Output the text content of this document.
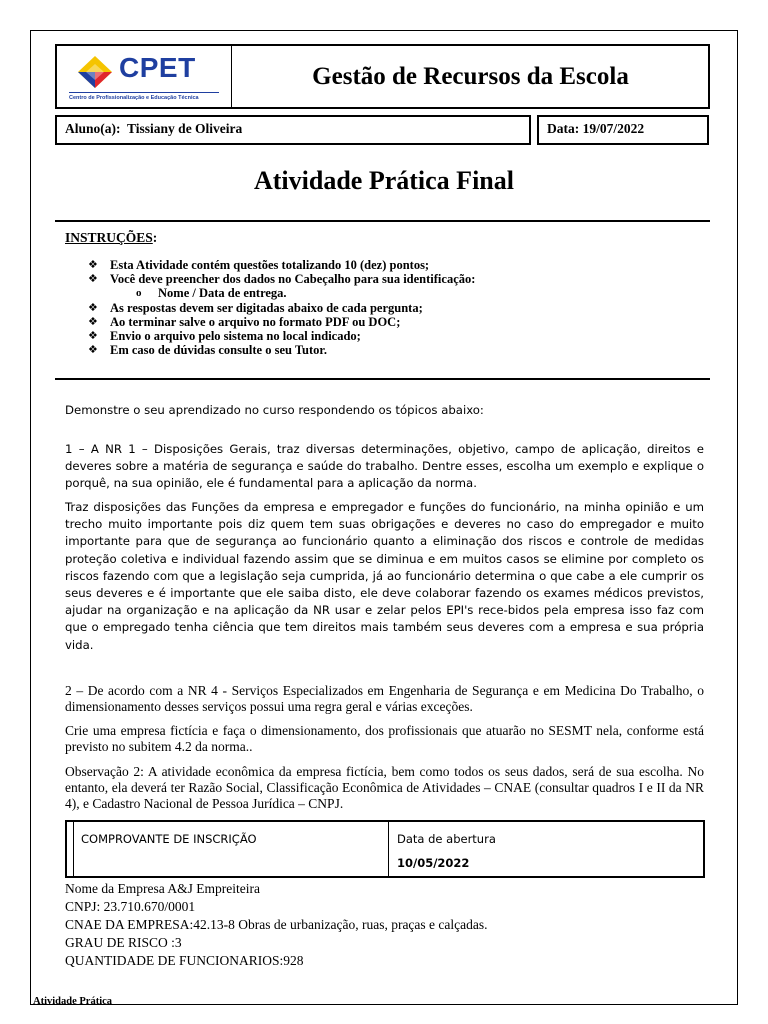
CPET
Centro de Profissionalização e Educação Técnica
Gestão de Recursos da Escola
Aluno(a): Tissiany de Oliveira	Data: 19/07/2022
Atividade Prática Final
INSTRUÇÕES:
❖ Esta Atividade contém questões totalizando 10 (dez) pontos;
❖ Você deve preencher dos dados no Cabeçalho para sua identificação:
o Nome / Data de entrega.
❖ As respostas devem ser digitadas abaixo de cada pergunta;
❖ Ao terminar salve o arquivo no formato PDF ou DOC;
❖ Envio o arquivo pelo sistema no local indicado;
❖ Em caso de dúvidas consulte o seu Tutor.
Demonstre o seu aprendizado no curso respondendo os tópicos abaixo:
1 – A NR 1 – Disposições Gerais, traz diversas determinações, objetivo, campo de aplicação, direitos e deveres sobre a matéria de segurança e saúde do trabalho. Dentre esses, escolha um exemplo e explique o porquê, na sua opinião, ele é fundamental para a aplicação da norma.
Traz disposições das Funções da empresa e empregador e funções do funcionário, na minha opinião e um trecho muito importante pois diz quem tem suas obrigações e deveres no caso do empregador e muito importante para que de segurança ao funcionário quanto a eliminação dos riscos e controle de medidas proteção coletiva e individual fazendo assim que se diminua e em muitos casos se elimine por completo os riscos fazendo com que a legislação seja cumprida, já ao funcionário determina o que cabe a ele cumprir os seus deveres e é importante que ele saiba disto, ele deve colaborar fazendo os exames médicos previstos, ajudar na organização e na aplicação da NR usar e zelar pelos EPI's rece-bidos pela empresa isso faz com que o empregado tenha ciência que tem direitos mais também seus deveres com a empresa e sua própria vida.
2 – De acordo com a NR 4 - Serviços Especializados em Engenharia de Segurança e em Medicina Do Trabalho, o dimensionamento desses serviços possui uma regra geral e várias exceções.
Crie uma empresa fictícia e faça o dimensionamento, dos profissionais que atuarão no SESMT nela, conforme está previsto no subitem 4.2 da norma..
Observação 2: A atividade econômica da empresa fictícia, bem como todos os seus dados, será de sua escolha. No entanto, ela deverá ter Razão Social, Classificação Econômica de Atividades – CNAE (consultar quadros I e II da NR 4), e Cadastro Nacional de Pessoa Jurídica – CNPJ.
COMPROVANTE DE INSCRIÇÃO	Data de abertura
10/05/2022
Nome da Empresa A&J Empreiteira
CNPJ: 23.710.670/0001
CNAE DA EMPRESA:42.13-8 Obras de urbanização, ruas, praças e calçadas.
GRAU DE RISCO :3
QUANTIDADE DE FUNCIONARIOS:928
Atividade Prática
